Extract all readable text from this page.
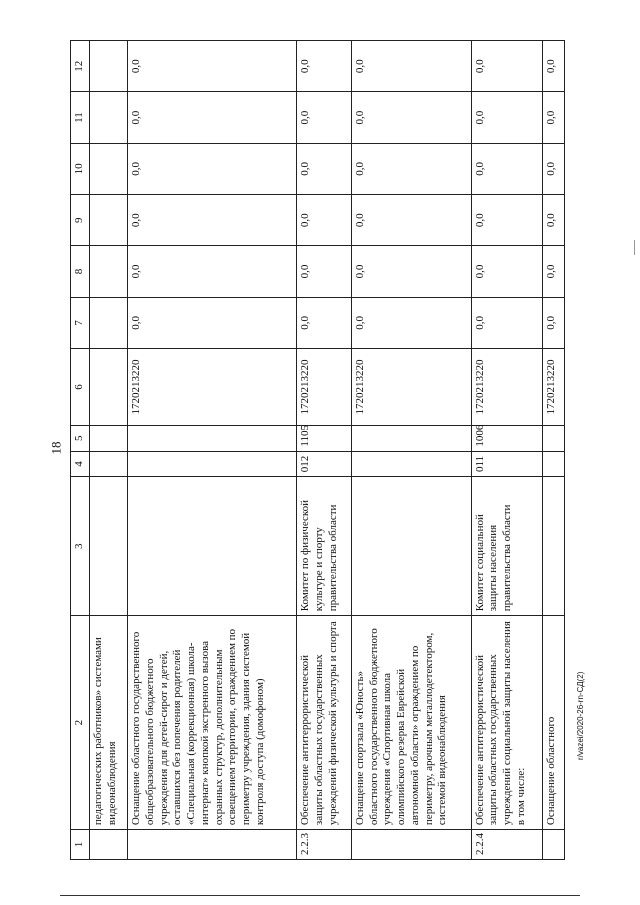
18
r/vazei/2020-26-rn-СД(2)
1	2	3	4	5	6	7	8	9	10	11	12
	педагогических работников» системами видеонаблюдения										
	Оснащение областного государственного общеобразовательного бюджетного учреждения для детей-сирот и детей, оставшихся без попечения родителей «Специальная (коррекционная) школа-интернат» кнопкой экстренного вызова охранных структур, дополнительным освещением территории, ограждением по периметру учреждения, здания системой контроля доступа (домофоном)				1720213220	0,0	0,0	0,0	0,0	0,0	0,0
2.2.3	Обеспечение антитеррористической защиты областных государственных учреждений физической культуры и спорта	Комитет по физической культуре и спорту правительства области	012	1105	1720213220	0,0	0,0	0,0	0,0	0,0	0,0
	Оснащение спортзала «Юность» областного государственного бюджетного учреждения «Спортивная школа олимпийского резерва Еврейской автономной области» ограждением по периметру, арочным металлодетектором, системой видеонаблюдения				1720213220	0,0	0,0	0,0	0,0	0,0	0,0
2.2.4	Обеспечение антитеррористической защиты областных государственных учреждений социальной защиты населения в том числе:	Комитет социальной защиты населения правительства области	011	1006	1720213220	0,0	0,0	0,0	0,0	0,0	0,0
	Оснащение областного				1720213220	0,0	0,0	0,0	0,0	0,0	0,0
